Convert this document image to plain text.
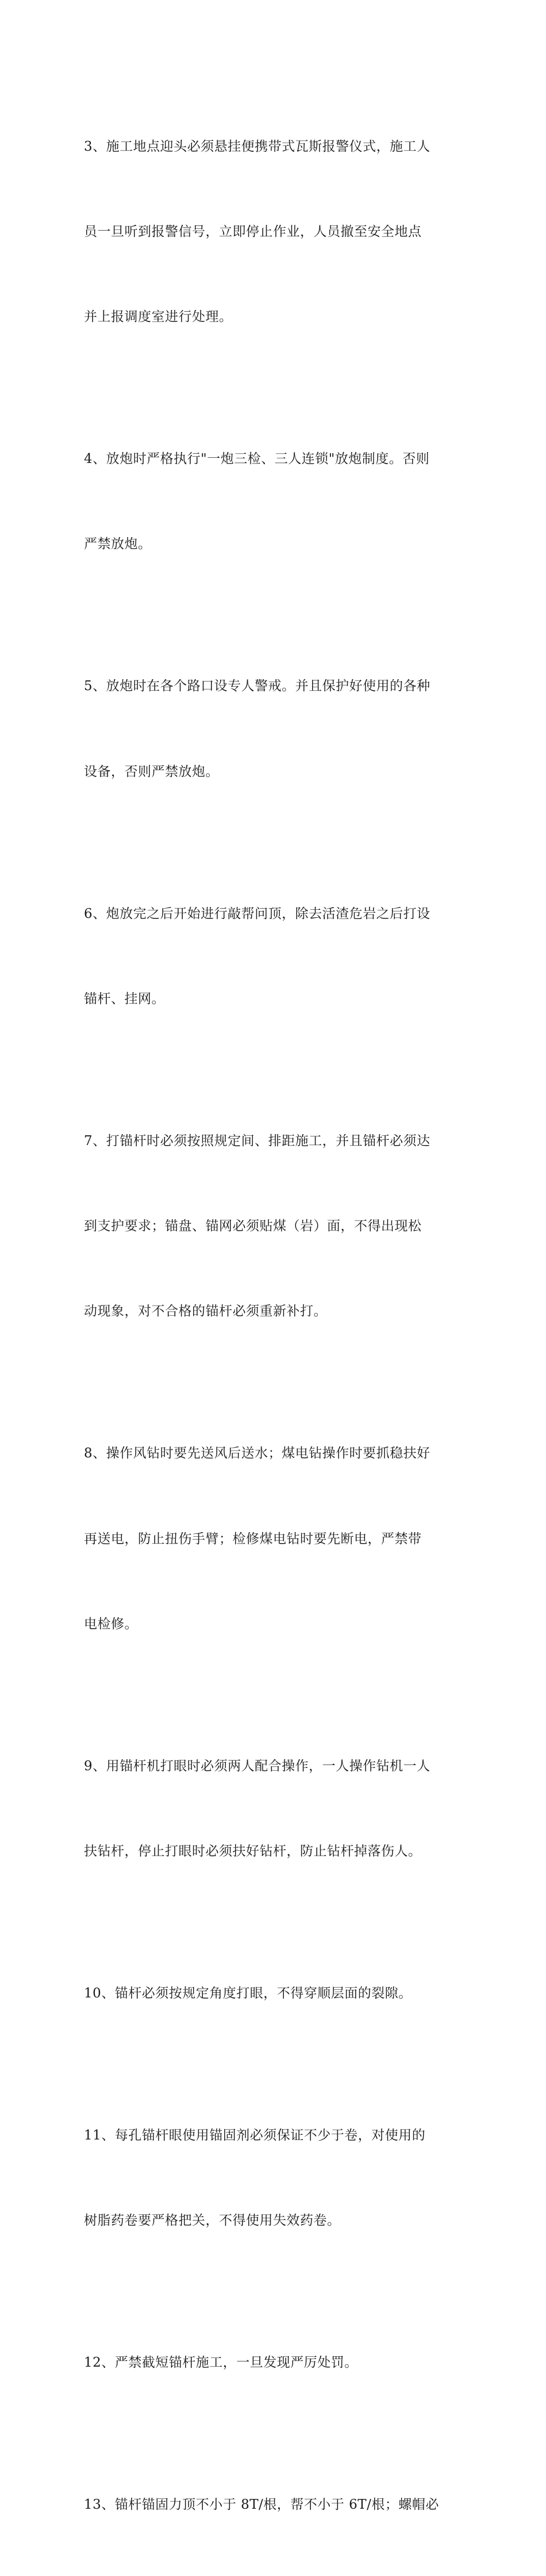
3、施工地点迎头必须悬挂便携带式瓦斯报警仪式，施工人

员一旦听到报警信号，立即停止作业，人员撤至安全地点

并上报调度室进行处理。

4、放炮时严格执行"一炮三检、三人连锁"放炮制度。否则

严禁放炮。

5、放炮时在各个路口设专人警戒。并且保护好使用的各种

设备，否则严禁放炮。

6、炮放完之后开始进行敲帮问顶，除去活渣危岩之后打设

锚杆、挂网。

7、打锚杆时必须按照规定间、排距施工，并且锚杆必须达

到支护要求；锚盘、锚网必须贴煤（岩）面，不得出现松

动现象，对不合格的锚杆必须重新补打。

8、操作风钻时要先送风后送水；煤电钻操作时要抓稳扶好

再送电，防止扭伤手臂；检修煤电钻时要先断电，严禁带

电检修。

9、用锚杆机打眼时必须两人配合操作，一人操作钻机一人

扶钻杆，停止打眼时必须扶好钻杆，防止钻杆掉落伤人。

10、锚杆必须按规定角度打眼，不得穿顺层面的裂隙。

11、每孔锚杆眼使用锚固剂必须保证不少于卷，对使用的

树脂药卷要严格把关，不得使用失效药卷。

12、严禁截短锚杆施工，一旦发现严厉处罚。

13、锚杆锚固力顶不小于 8T/根，帮不小于 6T/根；螺帽必
